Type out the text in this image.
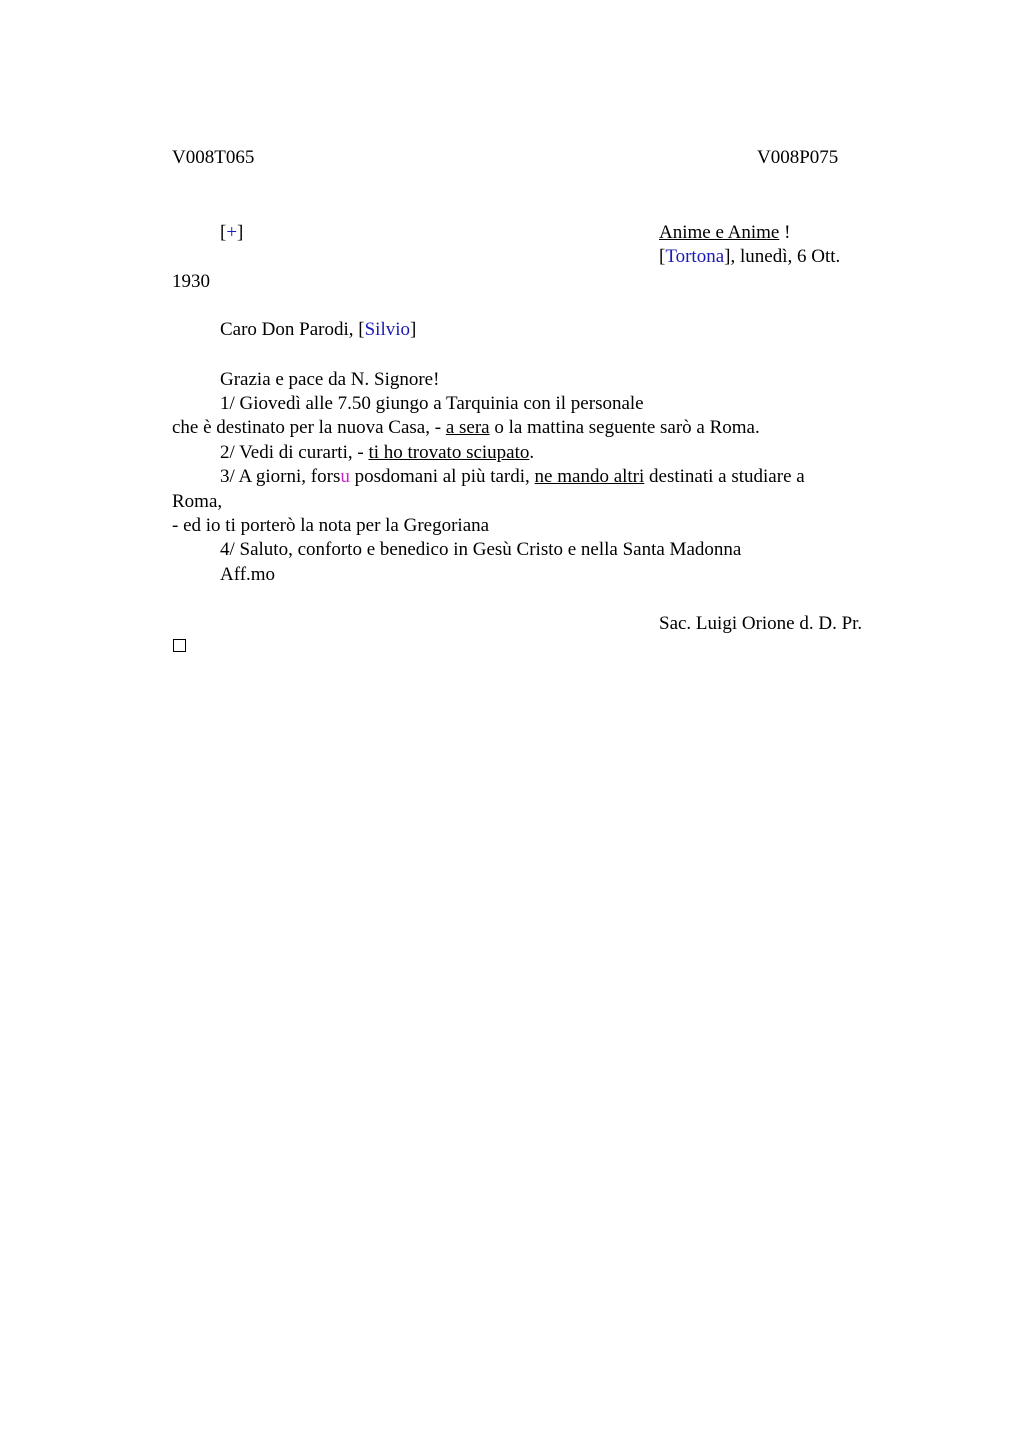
V008T065	V008P075
[+]	Anime e Anime !
[Tortona], lunedì, 6 Ott.
1930
Caro Don Parodi, [Silvio]
Grazia e pace da N. Signore!
1/ Giovedì alle 7.50 giungo a Tarquinia con il personale
che è destinato per la nuova Casa, - a sera o la mattina seguente sarò a Roma.
2/ Vedi di curarti, - ti ho trovato sciupato.
3/ A giorni, forsu posdomani al più tardi, ne mando altri destinati a studiare a
Roma,
- ed io ti porterò la nota per la Gregoriana
4/ Saluto, conforto e benedico in Gesù Cristo e nella Santa Madonna
Aff.mo
Sac. Luigi Orione d. D. Pr.
